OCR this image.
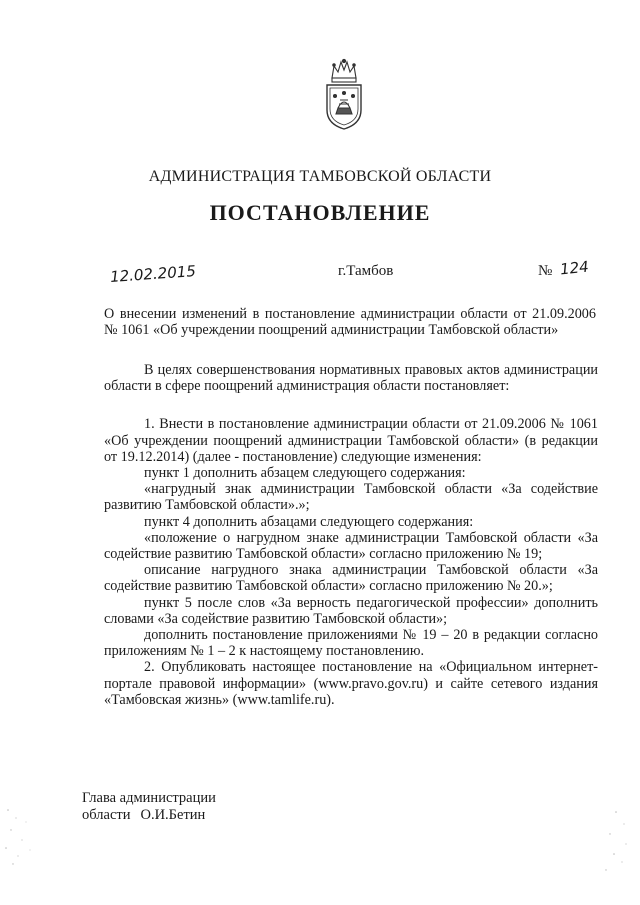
АДМИНИСТРАЦИЯ ТАМБОВСКОЙ ОБЛАСТИ
ПОСТАНОВЛЕНИЕ
12.02.2015	г.Тамбов	№ 124
О внесении изменений в постановление администрации области от 21.09.2006 № 1061 «Об учреждении поощрений администрации Тамбовской области»

В целях совершенствования нормативных правовых актов администрации области в сфере поощрений администрация области постановляет:

1. Внести в постановление администрации области от 21.09.2006 № 1061 «Об учреждении поощрений администрации Тамбовской области» (в редакции от 19.12.2014) (далее - постановление) следующие изменения:

пункт 1 дополнить абзацем следующего содержания:

«нагрудный знак администрации Тамбовской области «За содействие развитию Тамбовской области».»;

пункт 4 дополнить абзацами следующего содержания:

«положение о нагрудном знаке администрации Тамбовской области «За содействие развитию Тамбовской области» согласно приложению № 19;

описание нагрудного знака администрации Тамбовской области «За содействие развитию Тамбовской области» согласно приложению № 20.»;

пункт 5 после слов «За верность педагогической профессии» дополнить словами «За содействие развитию Тамбовской области»;

дополнить постановление приложениями № 19 – 20 в редакции согласно приложениям № 1 – 2 к настоящему постановлению.

2. Опубликовать настоящее постановление на «Официальном интернет-портале правовой информации» (www.pravo.gov.ru) и сайте сетевого издания «Тамбовская жизнь» (www.tamlife.ru).

Глава администрации
области О.И.Бетин
